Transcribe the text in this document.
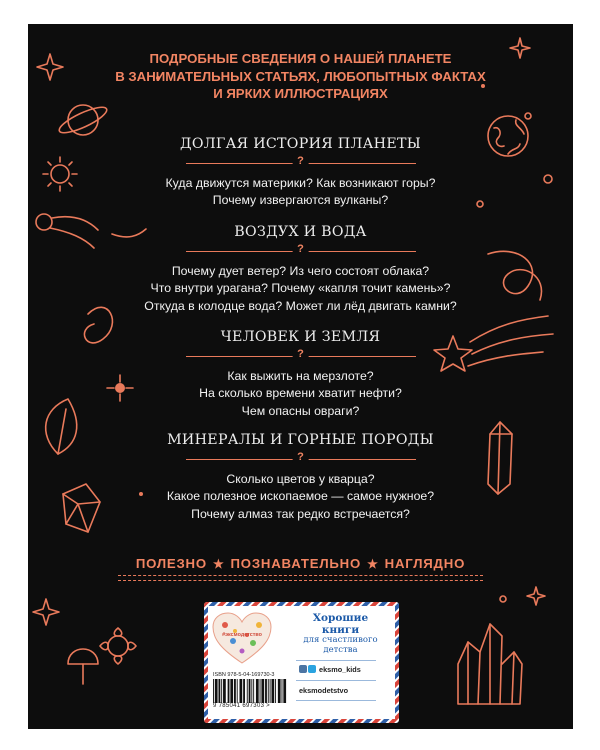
ПОДРОБНЫЕ СВЕДЕНИЯ О НАШЕЙ ПЛАНЕТЕ
В ЗАНИМАТЕЛЬНЫХ СТАТЬЯХ, ЛЮБОПЫТНЫХ ФАКТАХ
И ЯРКИХ ИЛЛЮСТРАЦИЯХ
ДОЛГАЯ ИСТОРИЯ ПЛАНЕТЫ
?
Куда движутся материки? Как возникают горы?
Почему извергаются вулканы?
ВОЗДУХ И ВОДА
?
Почему дует ветер? Из чего состоят облака?
Что внутри урагана? Почему «капля точит камень»?
Откуда в колодце вода? Может ли лёд двигать камни?
ЧЕЛОВЕК И ЗЕМЛЯ
?
Как выжить на мерзлоте?
На сколько времени хватит нефти?
Чем опасны овраги?
МИНЕРАЛЫ И ГОРНЫЕ ПОРОДЫ
?
Сколько цветов у кварца?
Какое полезное ископаемое — самое нужное?
Почему алмаз так редко встречается?
ПОЛЕЗНО ★ ПОЗНАВАТЕЛЬНО ★ НАГЛЯДНО
#эксмодетство
Хорошие
книги
для счастливого
детства
ISBN 978-5-04-169730-3
9 785041 697303 >
eksmo_kids
eksmodetstvo
